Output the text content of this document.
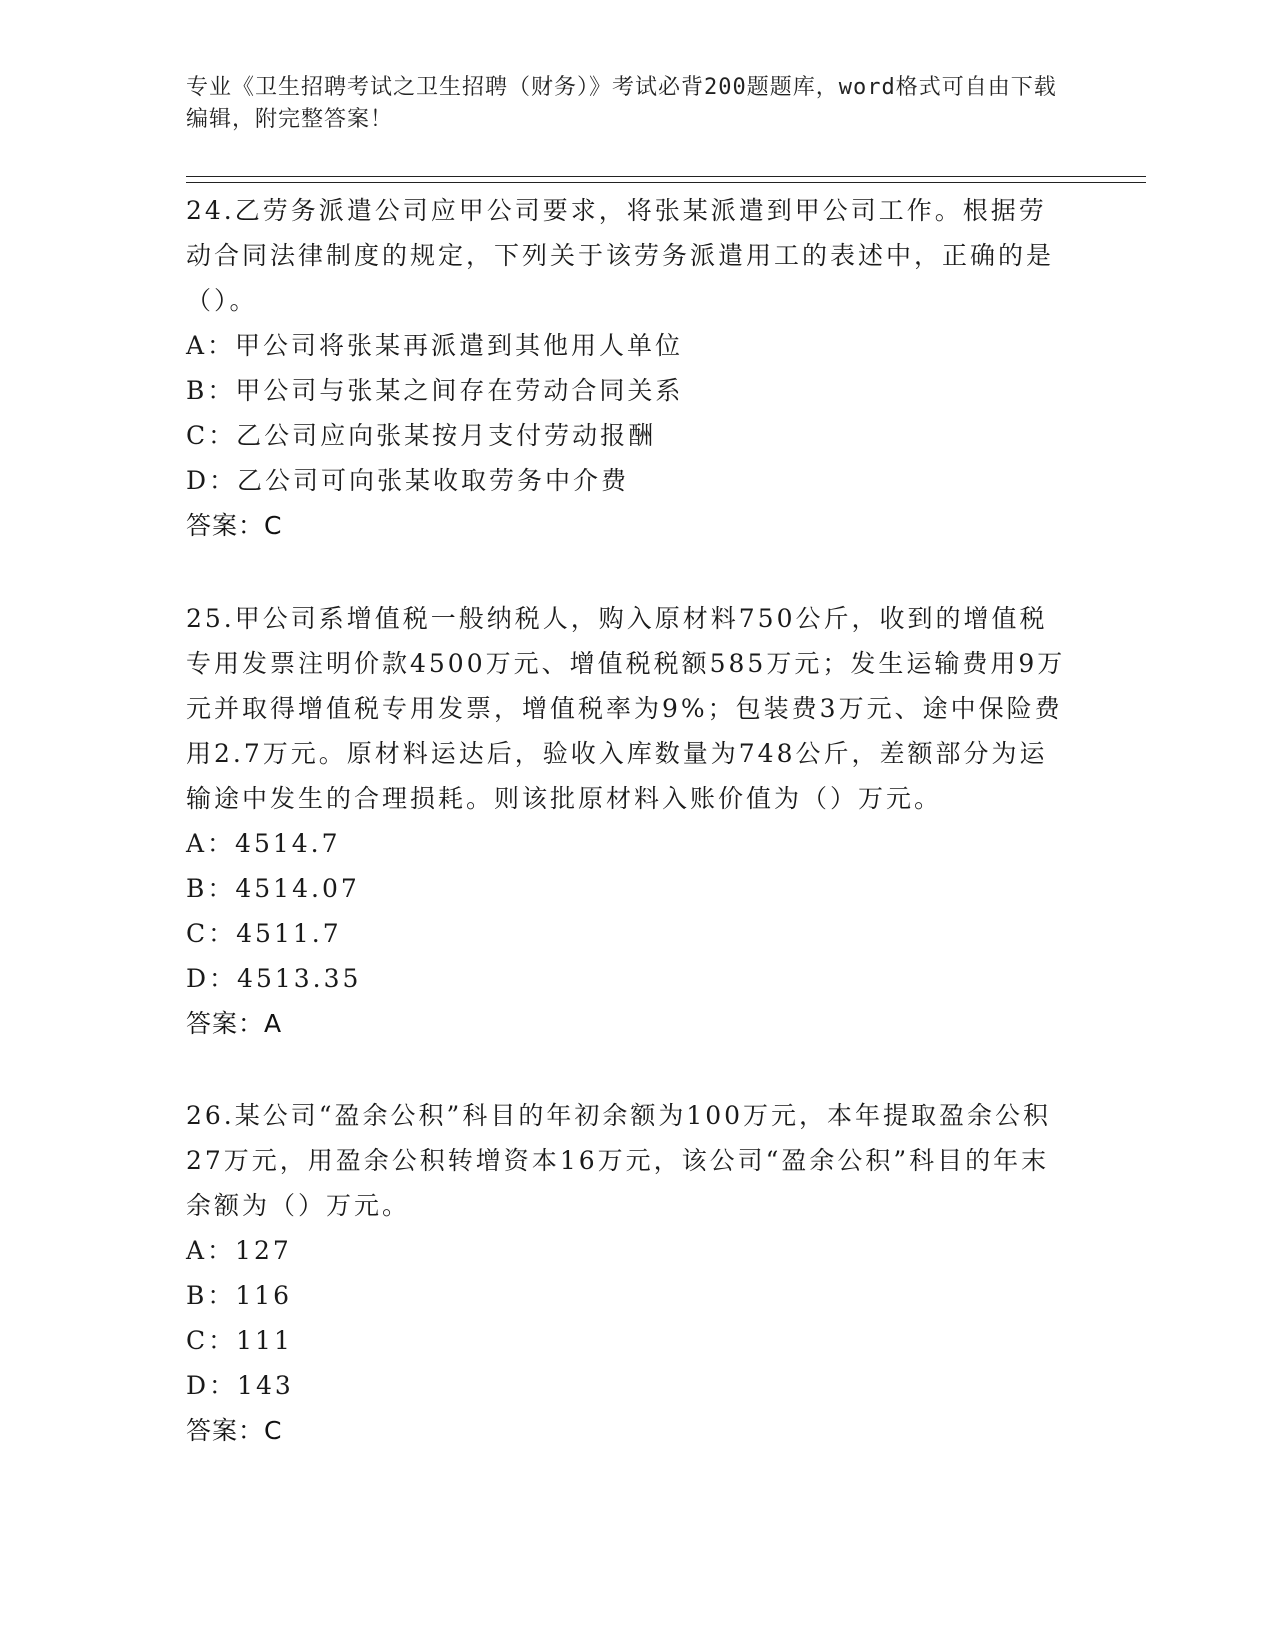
专业《卫生招聘考试之卫生招聘（财务）》考试必背200题题库，word格式可自由下载编辑，附完整答案！

24.乙劳务派遣公司应甲公司要求，将张某派遣到甲公司工作。根据劳动合同法律制度的规定，下列关于该劳务派遣用工的表述中，正确的是（）。

A：甲公司将张某再派遣到其他用人单位

B：甲公司与张某之间存在劳动合同关系

C：乙公司应向张某按月支付劳动报酬

D：乙公司可向张某收取劳务中介费

答案：C

25.甲公司系增值税一般纳税人，购入原材料750公斤，收到的增值税专用发票注明价款4500万元、增值税税额585万元；发生运输费用9万元并取得增值税专用发票，增值税率为9%；包装费3万元、途中保险费用2.7万元。原材料运达后，验收入库数量为748公斤，差额部分为运输途中发生的合理损耗。则该批原材料入账价值为（）万元。

A：4514.7

B：4514.07

C：4511.7

D：4513.35

答案：A

26.某公司“盈余公积”科目的年初余额为100万元，本年提取盈余公积27万元，用盈余公积转增资本16万元，该公司“盈余公积”科目的年末余额为（）万元。

A：127

B：116

C：111

D：143

答案：C
